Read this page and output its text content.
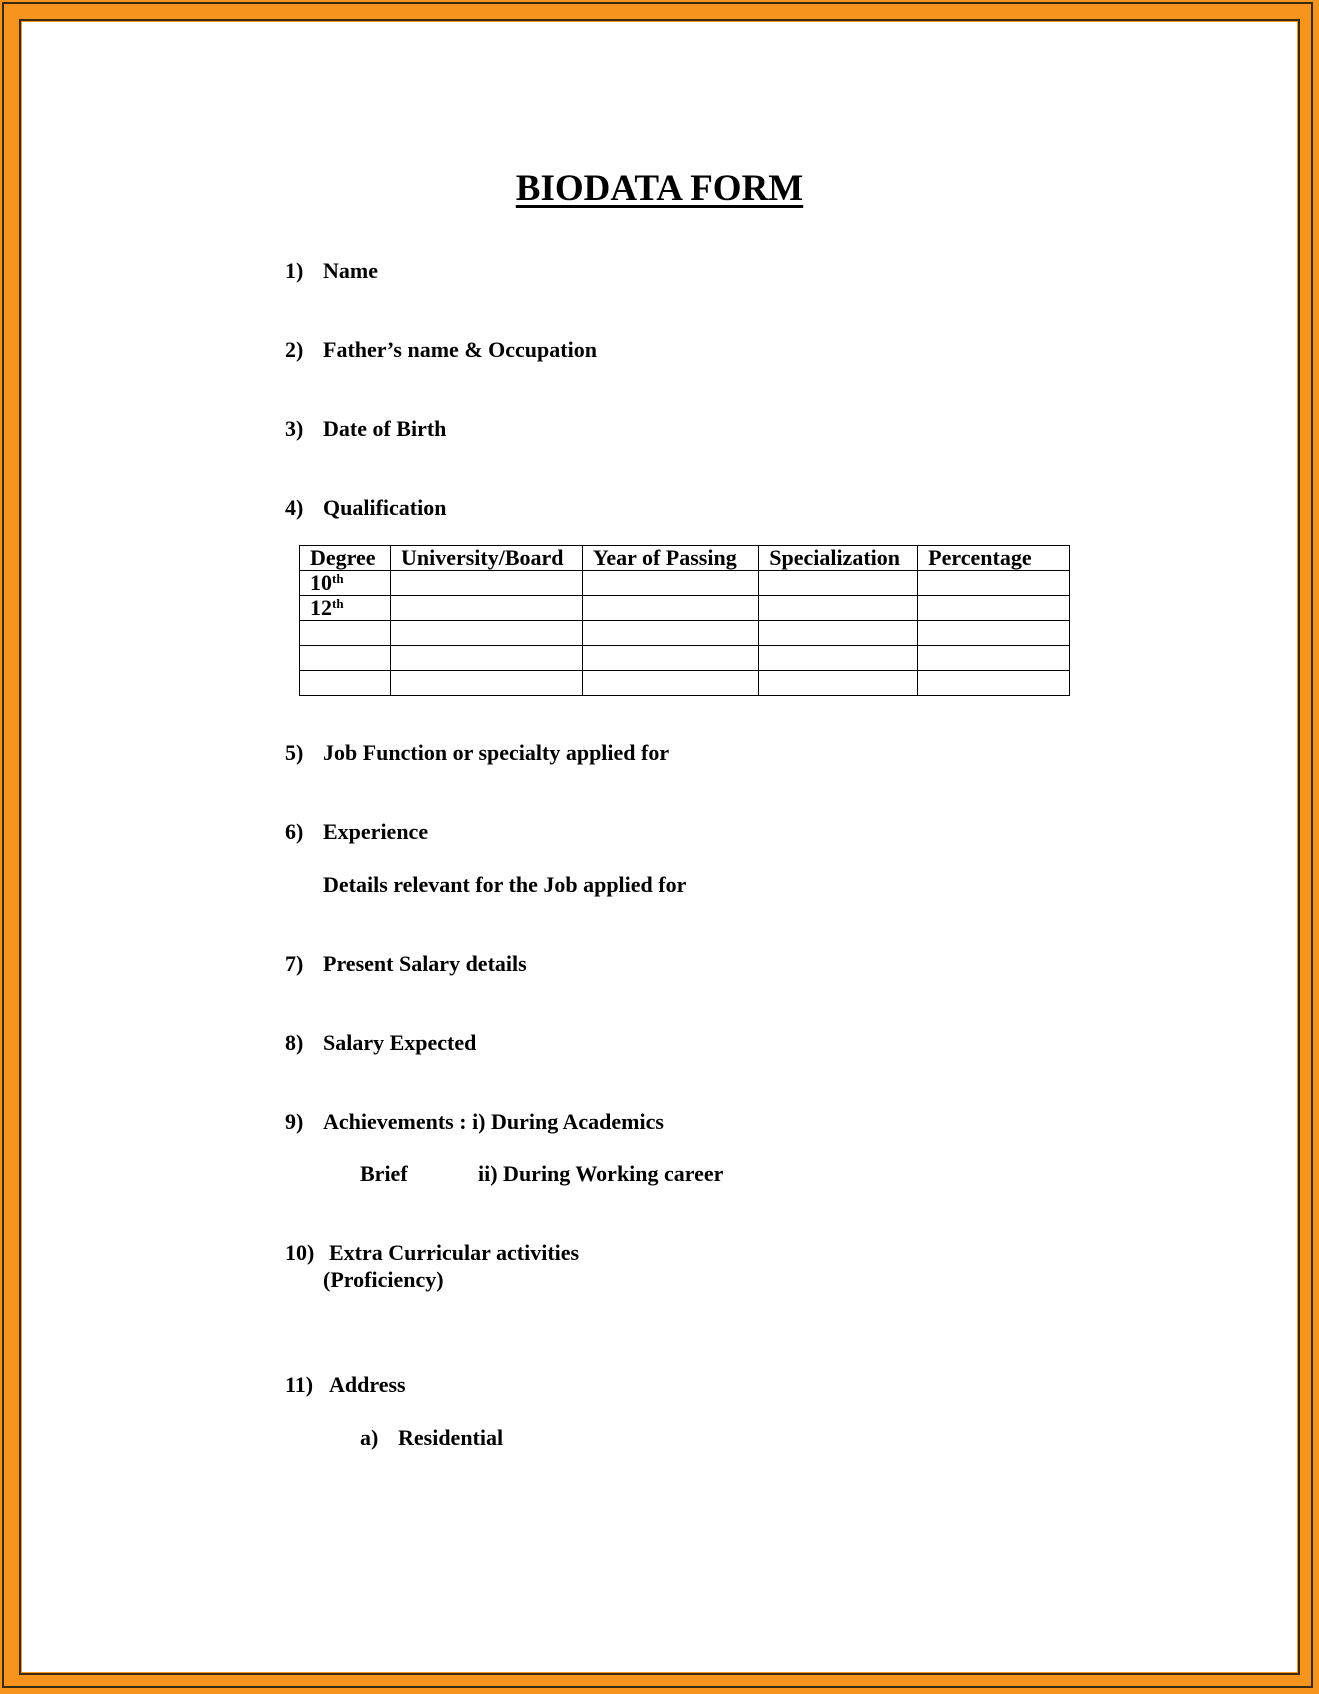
BIODATA FORM
1) Name
2) Father’s name & Occupation
3) Date of Birth
4) Qualification
Degree	University/Board	Year of Passing	Specialization	Percentage
10th				
12th				

5) Job Function or specialty applied for
6) Experience
Details relevant for the Job applied for
7) Present Salary details
8) Salary Expected
9) Achievements : i) During Academics
Brief	ii) During Working career
10) Extra Curricular activities
(Proficiency)
11) Address
a) Residential
